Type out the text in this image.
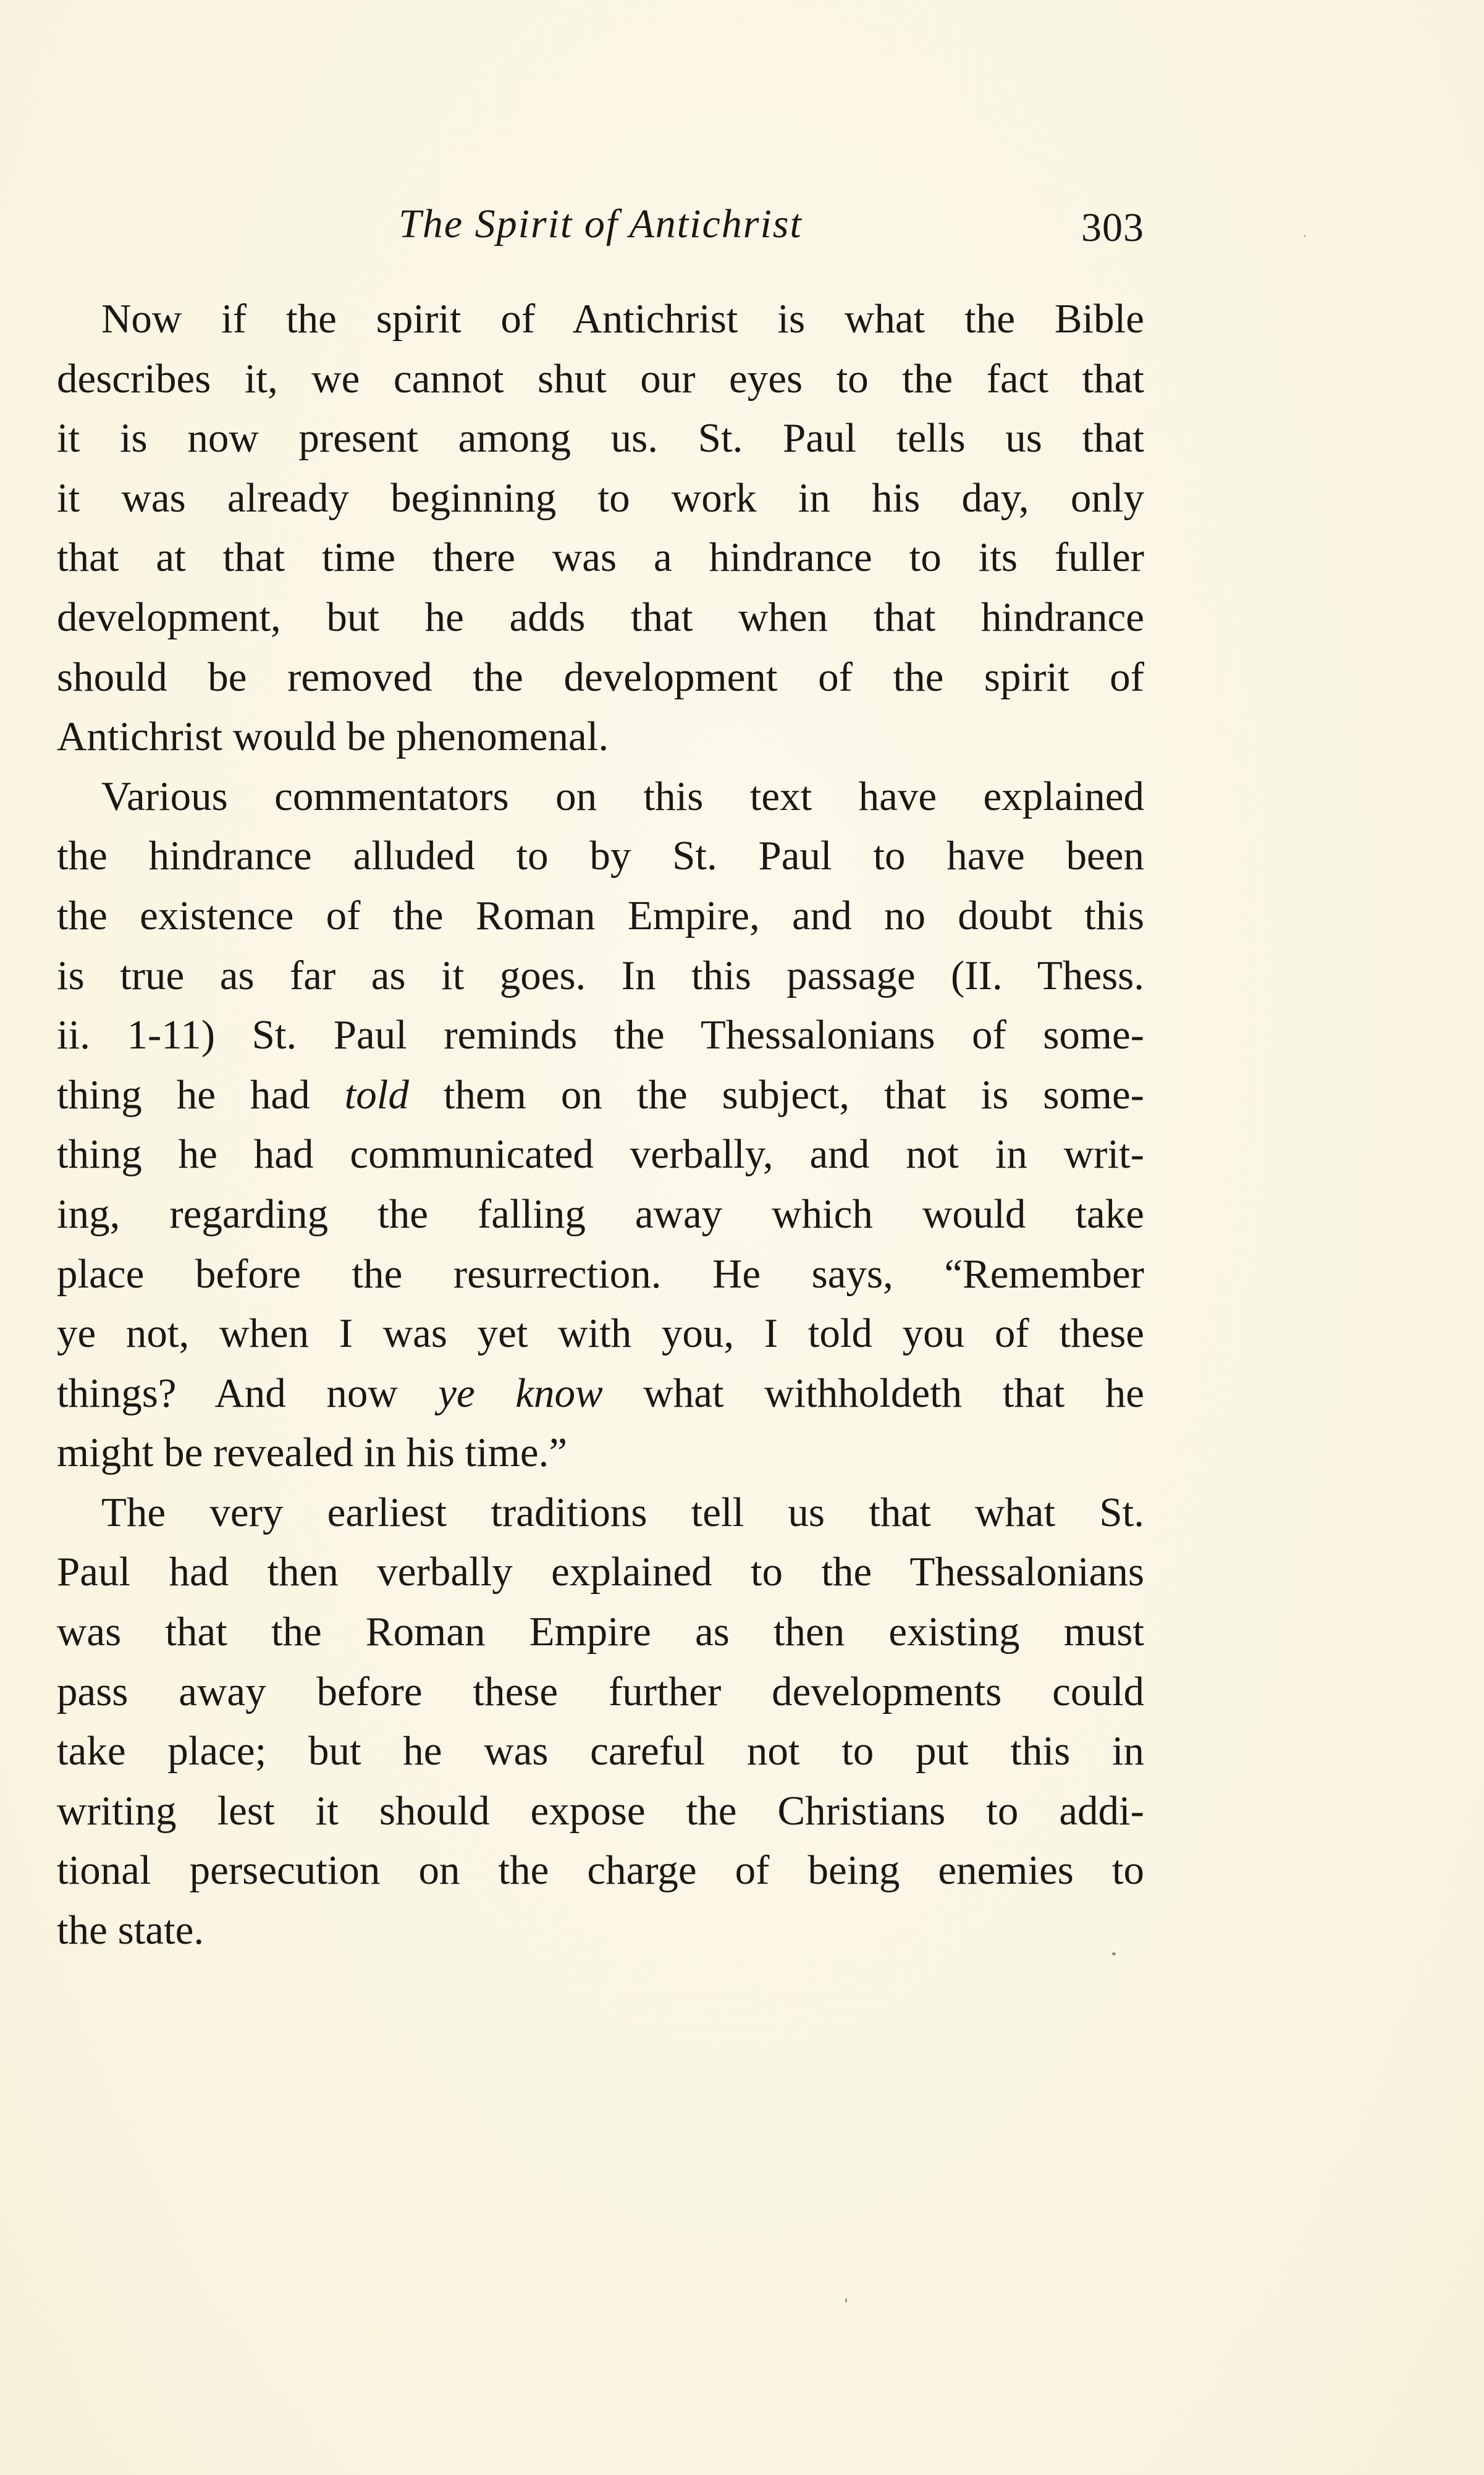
The Spirit of Antichrist	303
Now if the spirit of Antichrist is what the Bible
describes it, we cannot shut our eyes to the fact that
it is now present among us. St. Paul tells us that
it was already beginning to work in his day, only
that at that time there was a hindrance to its fuller
development, but he adds that when that hindrance
should be removed the development of the spirit of
Antichrist would be phenomenal.
Various commentators on this text have explained
the hindrance alluded to by St. Paul to have been
the existence of the Roman Empire, and no doubt this
is true as far as it goes. In this passage (II. Thess.
ii. 1-11) St. Paul reminds the Thessalonians of some-
thing he had told them on the subject, that is some-
thing he had communicated verbally, and not in writ-
ing, regarding the falling away which would take
place before the resurrection. He says, “Remember
ye not, when I was yet with you, I told you of these
things? And now ye know what withholdeth that he
might be revealed in his time.”
The very earliest traditions tell us that what St.
Paul had then verbally explained to the Thessalonians
was that the Roman Empire as then existing must
pass away before these further developments could
take place; but he was careful not to put this in
writing lest it should expose the Christians to addi-
tional persecution on the charge of being enemies to
the state.
